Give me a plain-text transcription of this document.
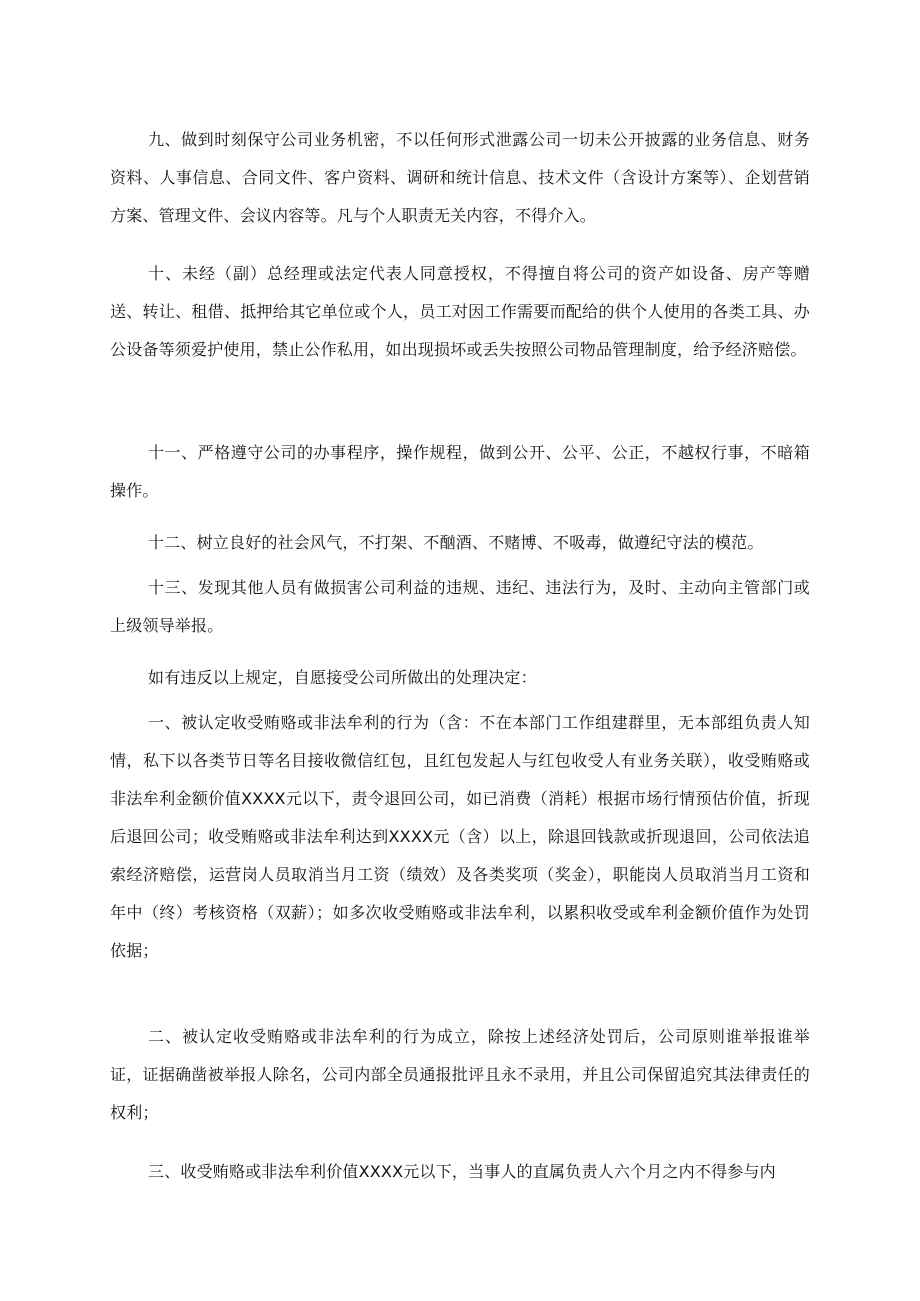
九、做到时刻保守公司业务机密，不以任何形式泄露公司一切未公开披露的业务信息、财务资料、人事信息、合同文件、客户资料、调研和统计信息、技术文件（含设计方案等）、企划营销方案、管理文件、会议内容等。凡与个人职责无关内容，不得介入。

十、未经（副）总经理或法定代表人同意授权，不得擅自将公司的资产如设备、房产等赠送、转让、租借、抵押给其它单位或个人，员工对因工作需要而配给的供个人使用的各类工具、办公设备等须爱护使用，禁止公作私用，如出现损坏或丢失按照公司物品管理制度，给予经济赔偿。

十一、严格遵守公司的办事程序，操作规程，做到公开、公平、公正，不越权行事，不暗箱操作。

十二、树立良好的社会风气，不打架、不酗酒、不赌博、不吸毒，做遵纪守法的模范。

十三、发现其他人员有做损害公司利益的违规、违纪、违法行为，及时、主动向主管部门或上级领导举报。

如有违反以上规定，自愿接受公司所做出的处理决定：

一、被认定收受贿赂或非法牟利的行为（含：不在本部门工作组建群里，无本部组负责人知情，私下以各类节日等名目接收微信红包，且红包发起人与红包收受人有业务关联），收受贿赂或非法牟利金额价值XXXX元以下，责令退回公司，如已消费（消耗）根据市场行情预估价值，折现后退回公司；收受贿赂或非法牟利达到XXXX元（含）以上，除退回钱款或折现退回，公司依法追索经济赔偿，运营岗人员取消当月工资（绩效）及各类奖项（奖金），职能岗人员取消当月工资和年中（终）考核资格（双薪）；如多次收受贿赂或非法牟利，以累积收受或牟利金额价值作为处罚依据；

二、被认定收受贿赂或非法牟利的行为成立，除按上述经济处罚后，公司原则谁举报谁举证，证据确凿被举报人除名，公司内部全员通报批评且永不录用，并且公司保留追究其法律责任的权利；

三、收受贿赂或非法牟利价值XXXX元以下，当事人的直属负责人六个月之内不得参与内
